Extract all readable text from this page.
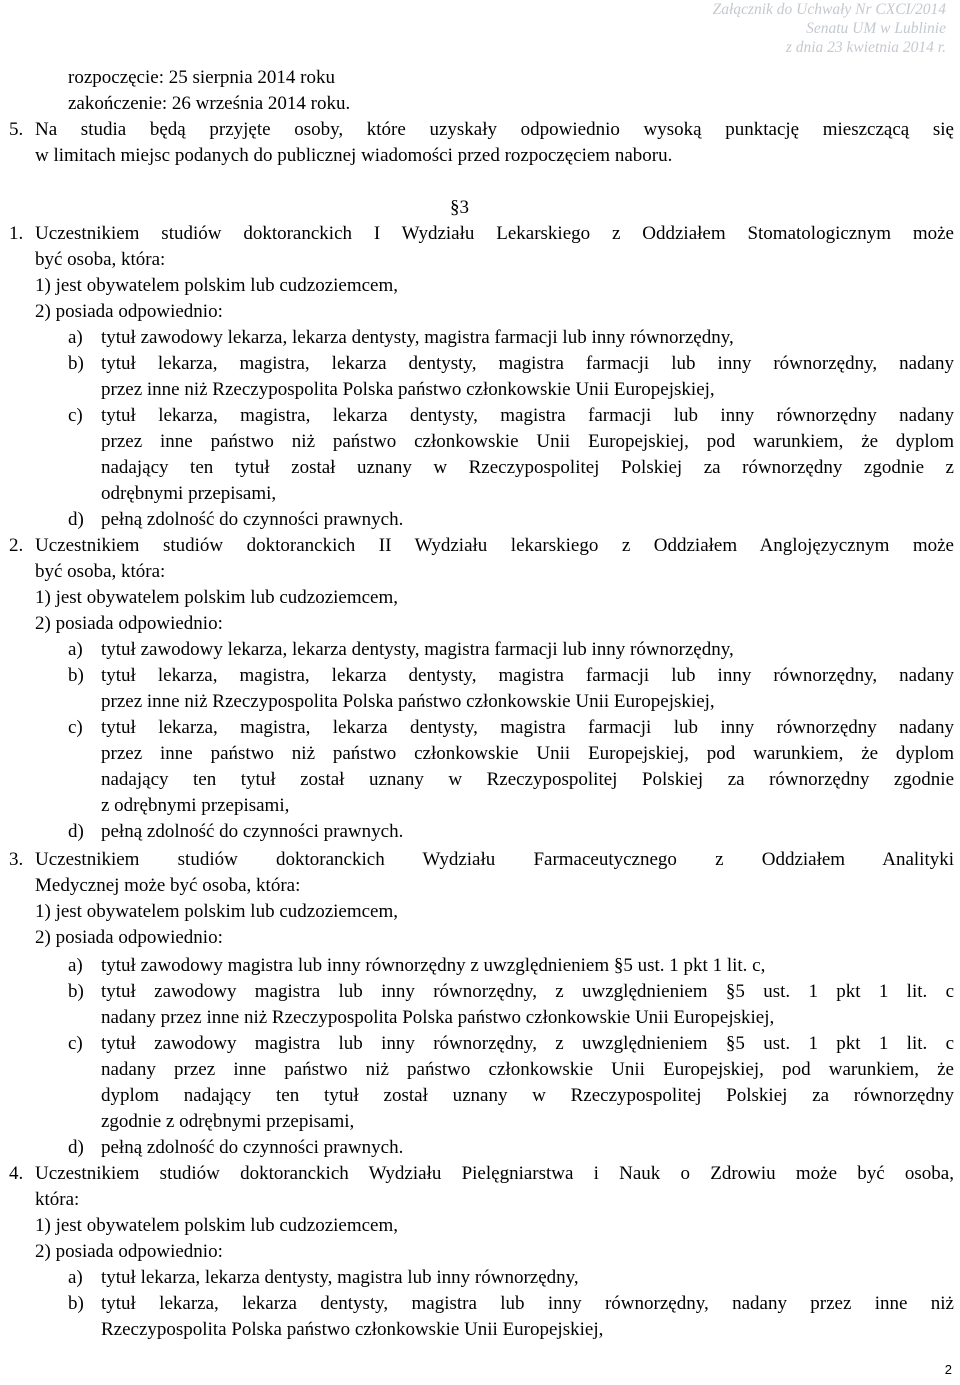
Załącznik do Uchwały Nr CXCI/2014
Senatu UM w Lublinie
z dnia 23 kwietnia 2014 r.
rozpoczęcie: 25 sierpnia 2014 roku
zakończenie: 26 września 2014 roku.
5. Na studia będą przyjęte osoby, które uzyskały odpowiednio wysoką punktację mieszczącą się
w limitach miejsc podanych do publicznej wiadomości przed rozpoczęciem naboru.
§3
1. Uczestnikiem studiów doktoranckich I Wydziału Lekarskiego z Oddziałem Stomatologicznym może
być osoba, która:
1) jest obywatelem polskim lub cudzoziemcem,
2) posiada odpowiednio:
a) tytuł zawodowy lekarza, lekarza dentysty, magistra farmacji lub inny równorzędny,
b) tytuł lekarza, magistra, lekarza dentysty, magistra farmacji lub inny równorzędny, nadany
przez inne niż Rzeczypospolita Polska państwo członkowskie Unii Europejskiej,
c) tytuł lekarza, magistra, lekarza dentysty, magistra farmacji lub inny równorzędny nadany
przez inne państwo niż państwo członkowskie Unii Europejskiej, pod warunkiem, że dyplom
nadający ten tytuł został uznany w Rzeczypospolitej Polskiej za równorzędny zgodnie z
odrębnymi przepisami,
d) pełną zdolność do czynności prawnych.
2. Uczestnikiem studiów doktoranckich II Wydziału lekarskiego z Oddziałem Anglojęzycznym może
być osoba, która:
1) jest obywatelem polskim lub cudzoziemcem,
2) posiada odpowiednio:
a) tytuł zawodowy lekarza, lekarza dentysty, magistra farmacji lub inny równorzędny,
b) tytuł lekarza, magistra, lekarza dentysty, magistra farmacji lub inny równorzędny, nadany
przez inne niż Rzeczypospolita Polska państwo członkowskie Unii Europejskiej,
c) tytuł lekarza, magistra, lekarza dentysty, magistra farmacji lub inny równorzędny nadany
przez inne państwo niż państwo członkowskie Unii Europejskiej, pod warunkiem, że dyplom
nadający ten tytuł został uznany w Rzeczypospolitej Polskiej za równorzędny zgodnie
z odrębnymi przepisami,
d) pełną zdolność do czynności prawnych.
3. Uczestnikiem studiów doktoranckich Wydziału Farmaceutycznego z Oddziałem Analityki
Medycznej może być osoba, która:
1) jest obywatelem polskim lub cudzoziemcem,
2) posiada odpowiednio:
a) tytuł zawodowy magistra lub inny równorzędny z uwzględnieniem §5 ust. 1 pkt 1 lit. c,
b) tytuł zawodowy magistra lub inny równorzędny, z uwzględnieniem §5 ust. 1 pkt 1 lit. c
nadany przez inne niż Rzeczypospolita Polska państwo członkowskie Unii Europejskiej,
c) tytuł zawodowy magistra lub inny równorzędny, z uwzględnieniem §5 ust. 1 pkt 1 lit. c
nadany przez inne państwo niż państwo członkowskie Unii Europejskiej, pod warunkiem, że
dyplom nadający ten tytuł został uznany w Rzeczypospolitej Polskiej za równorzędny
zgodnie z odrębnymi przepisami,
d) pełną zdolność do czynności prawnych.
4. Uczestnikiem studiów doktoranckich Wydziału Pielęgniarstwa i Nauk o Zdrowiu może być osoba,
która:
1) jest obywatelem polskim lub cudzoziemcem,
2) posiada odpowiednio:
a) tytuł lekarza, lekarza dentysty, magistra lub inny równorzędny,
b) tytuł lekarza, lekarza dentysty, magistra lub inny równorzędny, nadany przez inne niż
Rzeczypospolita Polska państwo członkowskie Unii Europejskiej,
2
